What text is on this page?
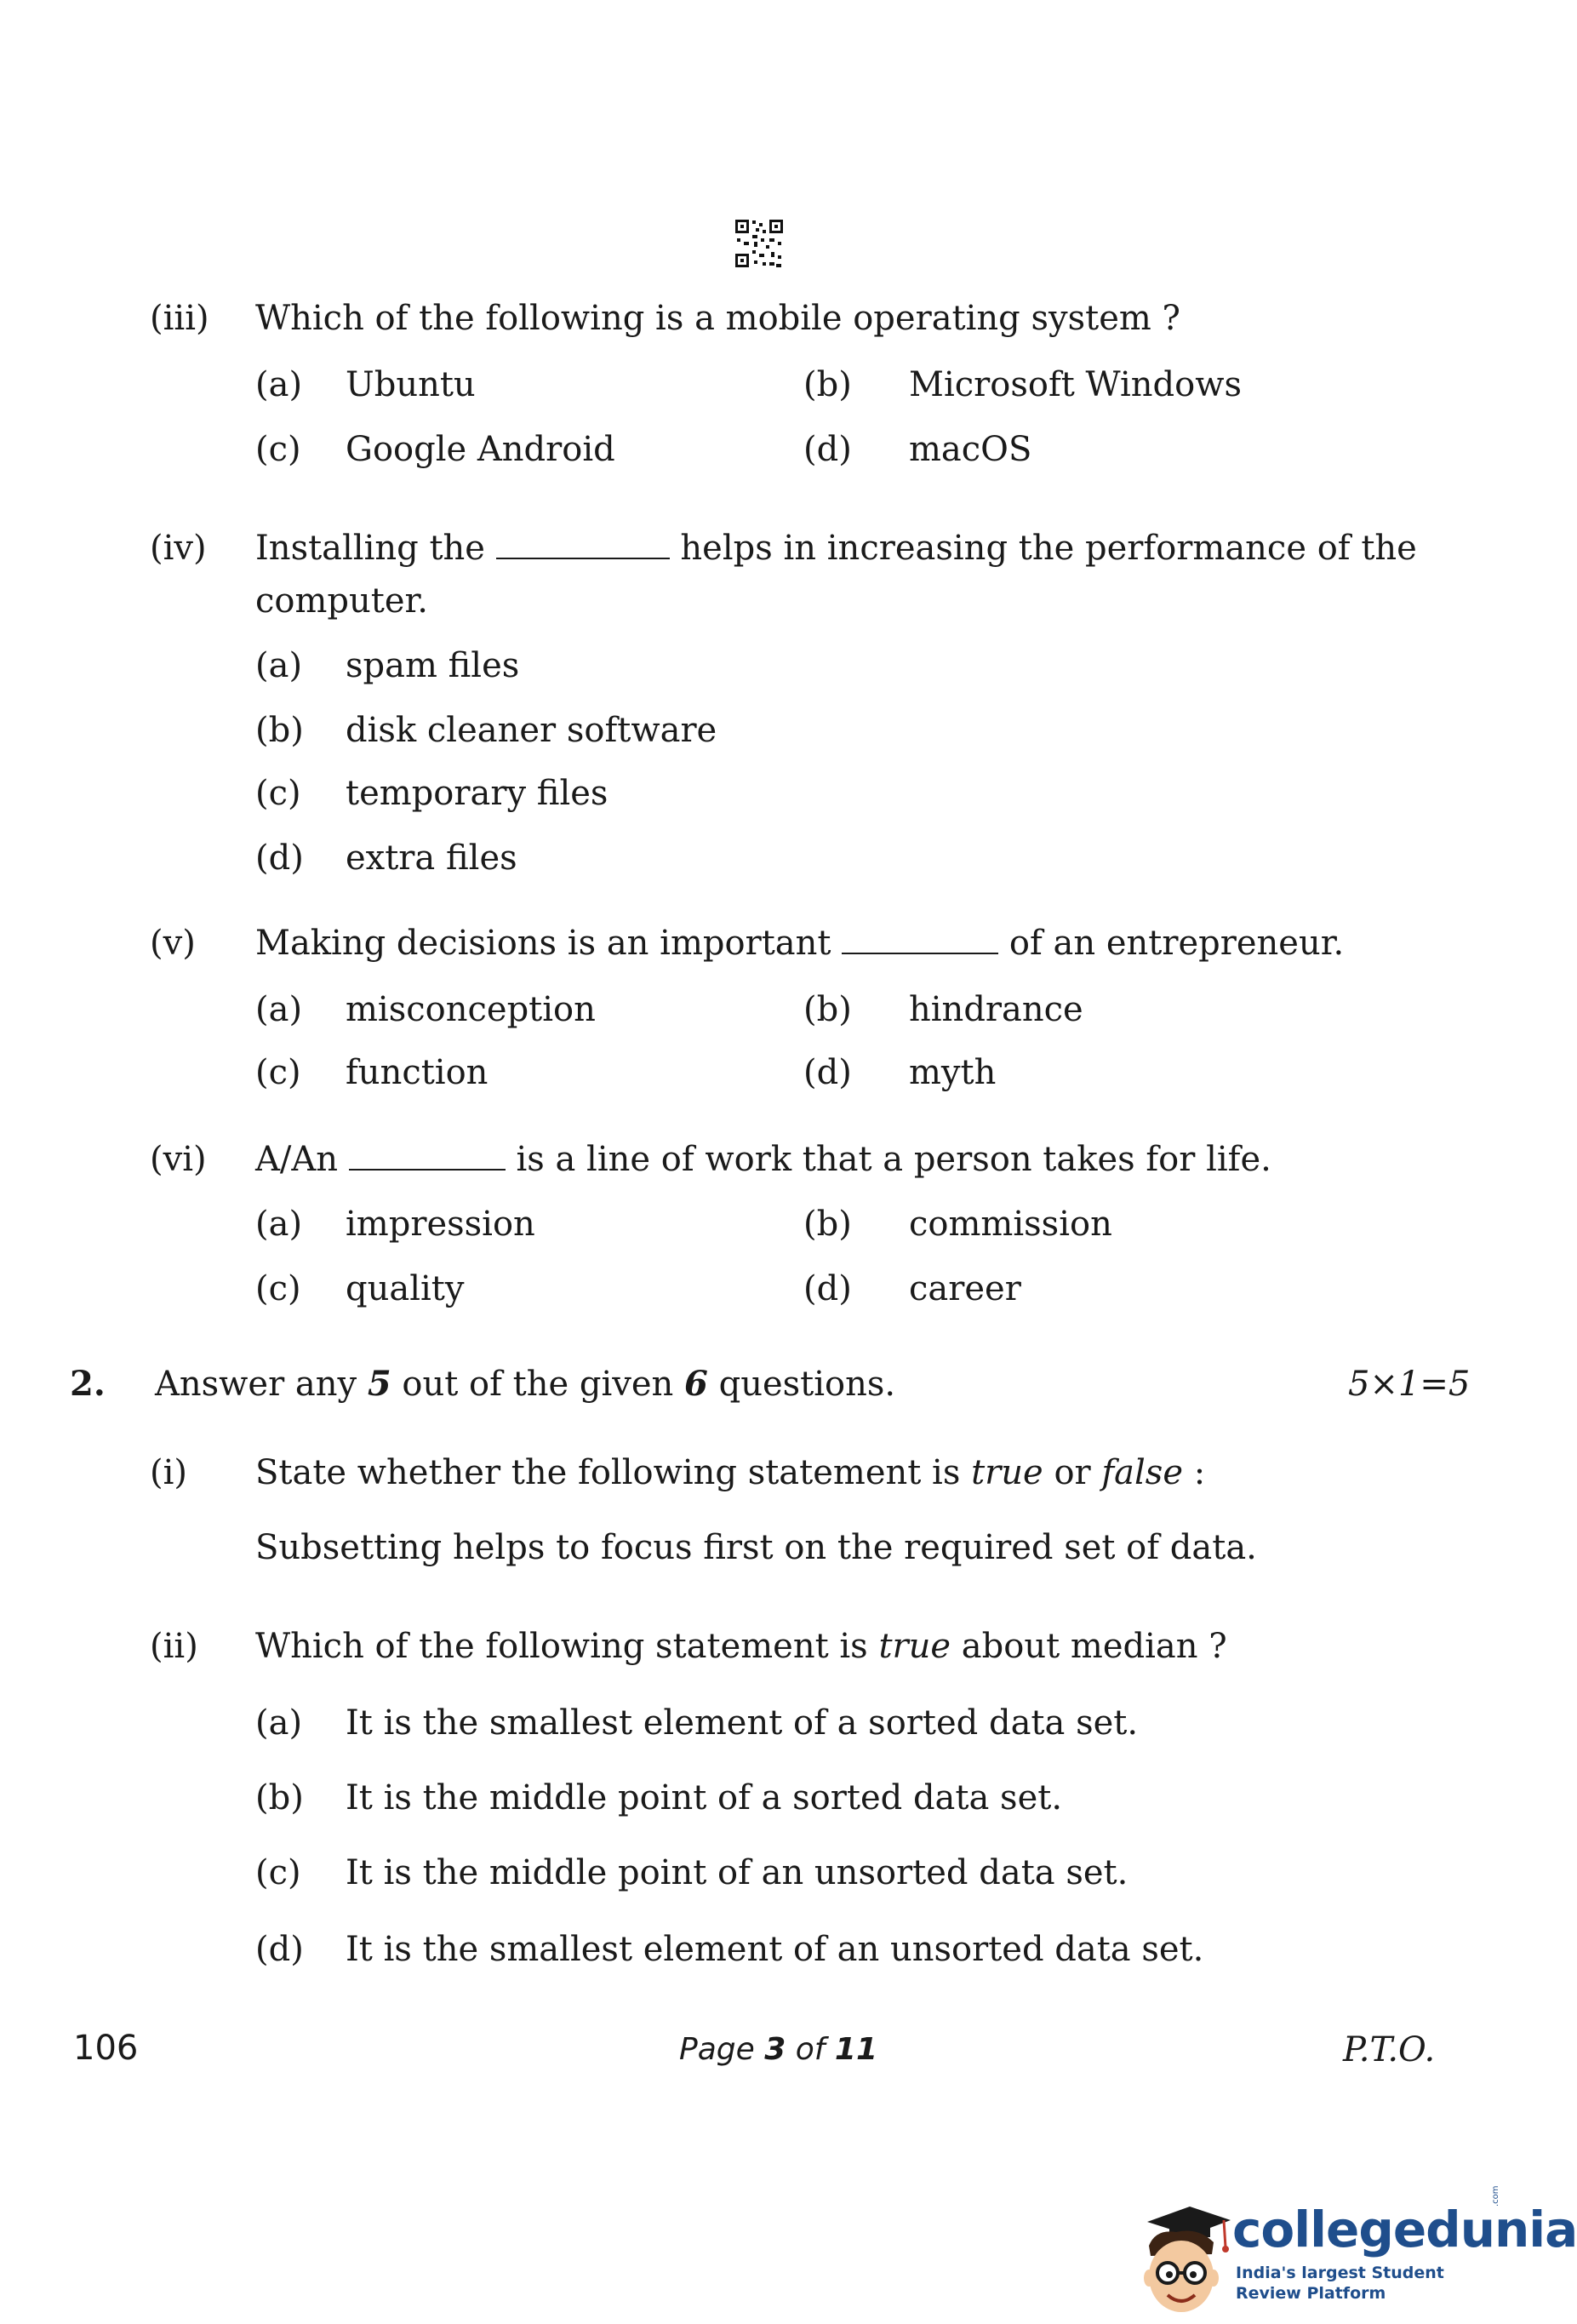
(iii) Which of the following is a mobile operating system ?
(a) Ubuntu	(b) Microsoft Windows
(c) Google Android	(d) macOS
(iv) Installing the	helps in increasing the performance of the
computer.
(a) spam files
(b) disk cleaner software
(c) temporary files
(d) extra files
(v) Making decisions is an important	of an entrepreneur.
(a) misconception	(b) hindrance
(c) function	(d) myth
(vi) A/An	is a line of work that a person takes for life.
(a) impression	(b) commission
(c) quality	(d) career
2. Answer any 5 out of the given 6 questions.	5×1=5
(i) State whether the following statement is true or false :
Subsetting helps to focus first on the required set of data.
(ii) Which of the following statement is true about median ?
(a) It is the smallest element of a sorted data set.
(b) It is the middle point of a sorted data set.
(c) It is the middle point of an unsorted data set.
(d) It is the smallest element of an unsorted data set.
106	Page 3 of 11	P.T.O.
collegedunia
.com
India's largest Student Review Platform
